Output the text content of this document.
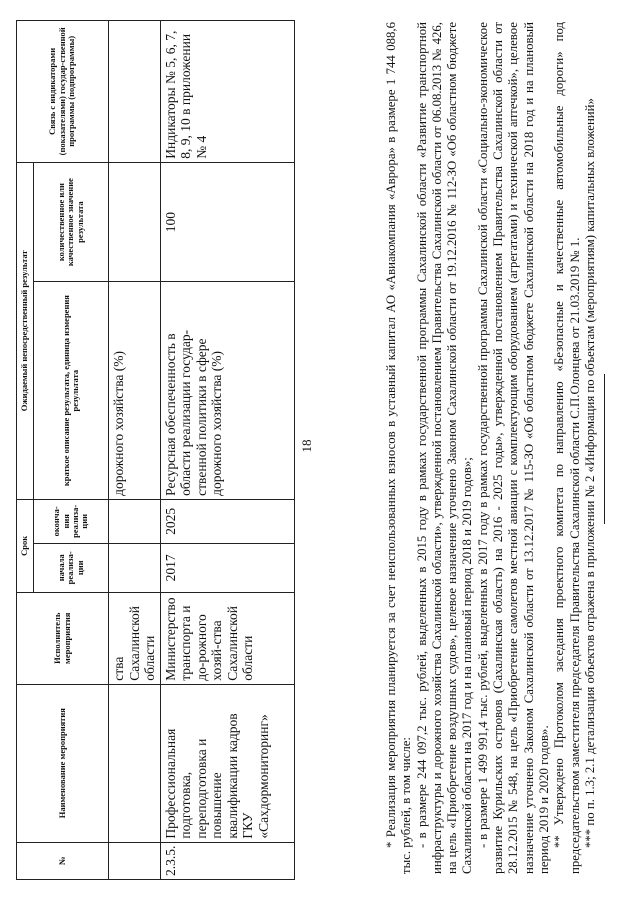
18
№	Наименование мероприятия	Исполнитель мероприятия	Срок		Ожидаемый непосредственный результат		Связь с индикаторами (показателями) государ-ственной программы (подпрограммы)
			начала реализа-ции	оконча-ния реализа-ции	краткое описание результата, единица измерения результата	количественное или качественное значение результата	
		ства Сахалинской области			дорожного хозяйства (%)		
2.3.5.	Профессиональная подготовка, переподготовка и повышение квалификации кадров ГКУ «Сахдормониторинг»	Министерство транспорта и до-рожного хозяй-ства Сахалинской области	2017	2025	Ресурсная обеспеченность в области реализации государ-ственной политики в сфере дорожного хозяйства (%)	100	Индикаторы № 5, 6, 7, 8, 9, 10 в приложении № 4	* Реализация мероприятия планируется за счет неиспользованных взносов в уставный капитал АО «Авиакомпания «Аврора» в размере 1 744 088,6 тыс. рублей, в том числе: - в размере 244 097,2 тыс. рублей, выделенных в 2015 году в рамках государственной программы Сахалинской области «Развитие транспортной инфраструктуры и дорожного хозяйства Сахалинской области», утвержденной постановлением Правительства Сахалинской области от 06.08.2013 № 426, на цель «Приобретение воздушных судов», целевое назначение уточнено Законом Сахалинской области от 19.12.2016 № 112-ЗО «Об областном бюджете Сахалинской области на 2017 год и на плановый период 2018 и 2019 годов»; - в размере 1 499 991,4 тыс. рублей, выделенных в 2017 году в рамках государственной программы Сахалинской области «Социально-экономическое развитие Курильских островов (Сахалинская область) на 2016 - 2025 годы», утвержденной постановлением Правительства Сахалинской области от 28.12.2015 № 548, на цель «Приобретение самолетов местной авиации с комплектующим оборудованием (агрегатами) и технической аптечкой», целевое назначение уточнено Законом Сахалинской области от 13.12.2017 № 115-ЗО «Об областном бюджете Сахалинской области на 2018 год и на плановый период 2019 и 2020 годов». ** Утверждено Протоколом заседания проектного комитета по направлению «Безопасные и качественные автомобильные дороги» под председательством заместителя председателя Правительства Сахалинской области С.П.Олонцева от 21.03.2019 № 1. *** по п. 1.3; 2.1 детализация объектов отражена в приложении № 2 «Информация по объектам (мероприятиям) капитальных вложений»
